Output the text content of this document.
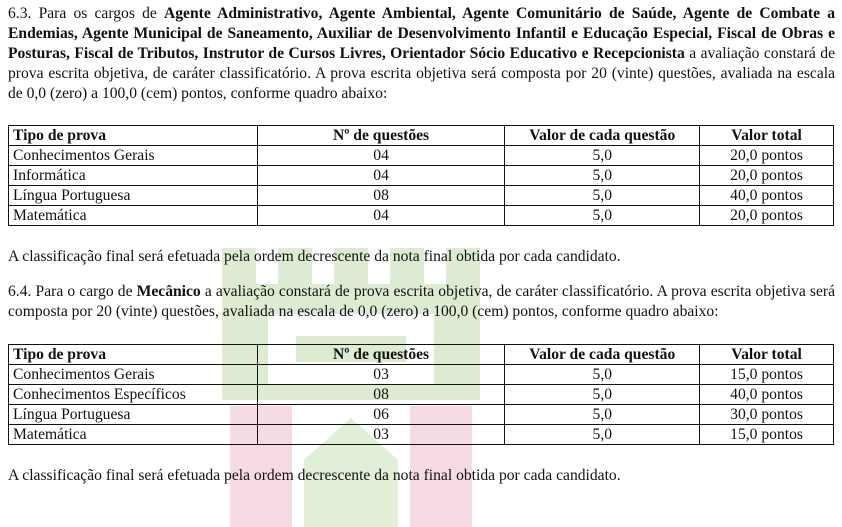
6.3. Para os cargos de Agente Administrativo, Agente Ambiental, Agente Comunitário de Saúde, Agente de Combate a Endemias, Agente Municipal de Saneamento, Auxiliar de Desenvolvimento Infantil e Educação Especial, Fiscal de Obras e Posturas, Fiscal de Tributos, Instrutor de Cursos Livres, Orientador Sócio Educativo e Recepcionista a avaliação constará de prova escrita objetiva, de caráter classificatório. A prova escrita objetiva será composta por 20 (vinte) questões, avaliada na escala de 0,0 (zero) a 100,0 (cem) pontos, conforme quadro abaixo:

Tipo de prova	Nº de questões	Valor de cada questão	Valor total
Conhecimentos Gerais	04	5,0	20,0 pontos
Informática	04	5,0	20,0 pontos
Língua Portuguesa	08	5,0	40,0 pontos
Matemática	04	5,0	20,0 pontos

A classificação final será efetuada pela ordem decrescente da nota final obtida por cada candidato.

6.4. Para o cargo de Mecânico a avaliação constará de prova escrita objetiva, de caráter classificatório. A prova escrita objetiva será composta por 20 (vinte) questões, avaliada na escala de 0,0 (zero) a 100,0 (cem) pontos, conforme quadro abaixo:

Tipo de prova	Nº de questões	Valor de cada questão	Valor total
Conhecimentos Gerais	03	5,0	15,0 pontos
Conhecimentos Específicos	08	5,0	40,0 pontos
Língua Portuguesa	06	5,0	30,0 pontos
Matemática	03	5,0	15,0 pontos

A classificação final será efetuada pela ordem decrescente da nota final obtida por cada candidato.
